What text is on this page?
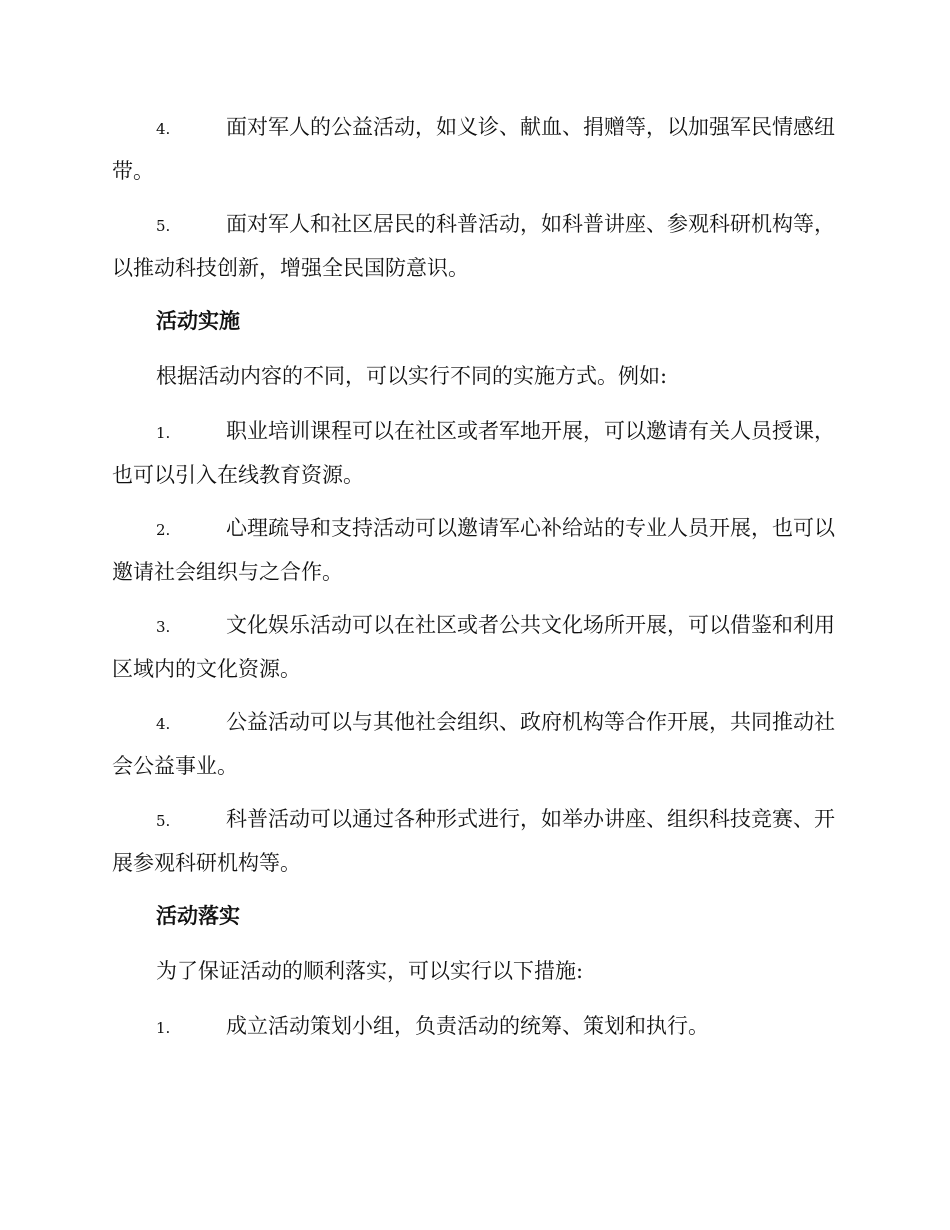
4.	面对军人的公益活动，如义诊、献血、捐赠等，以加强军民情感纽带。

5.	面对军人和社区居民的科普活动，如科普讲座、参观科研机构等，以推动科技创新，增强全民国防意识。

活动实施

根据活动内容的不同，可以实行不同的实施方式。例如:

1.	职业培训课程可以在社区或者军地开展，可以邀请有关人员授课，也可以引入在线教育资源。

2.	心理疏导和支持活动可以邀请军心补给站的专业人员开展，也可以邀请社会组织与之合作。

3.	文化娱乐活动可以在社区或者公共文化场所开展，可以借鉴和利用区域内的文化资源。

4.	公益活动可以与其他社会组织、政府机构等合作开展，共同推动社会公益事业。

5.	科普活动可以通过各种形式进行，如举办讲座、组织科技竞赛、开展参观科研机构等。

活动落实

为了保证活动的顺利落实，可以实行以下措施:

1.	成立活动策划小组，负责活动的统筹、策划和执行。
